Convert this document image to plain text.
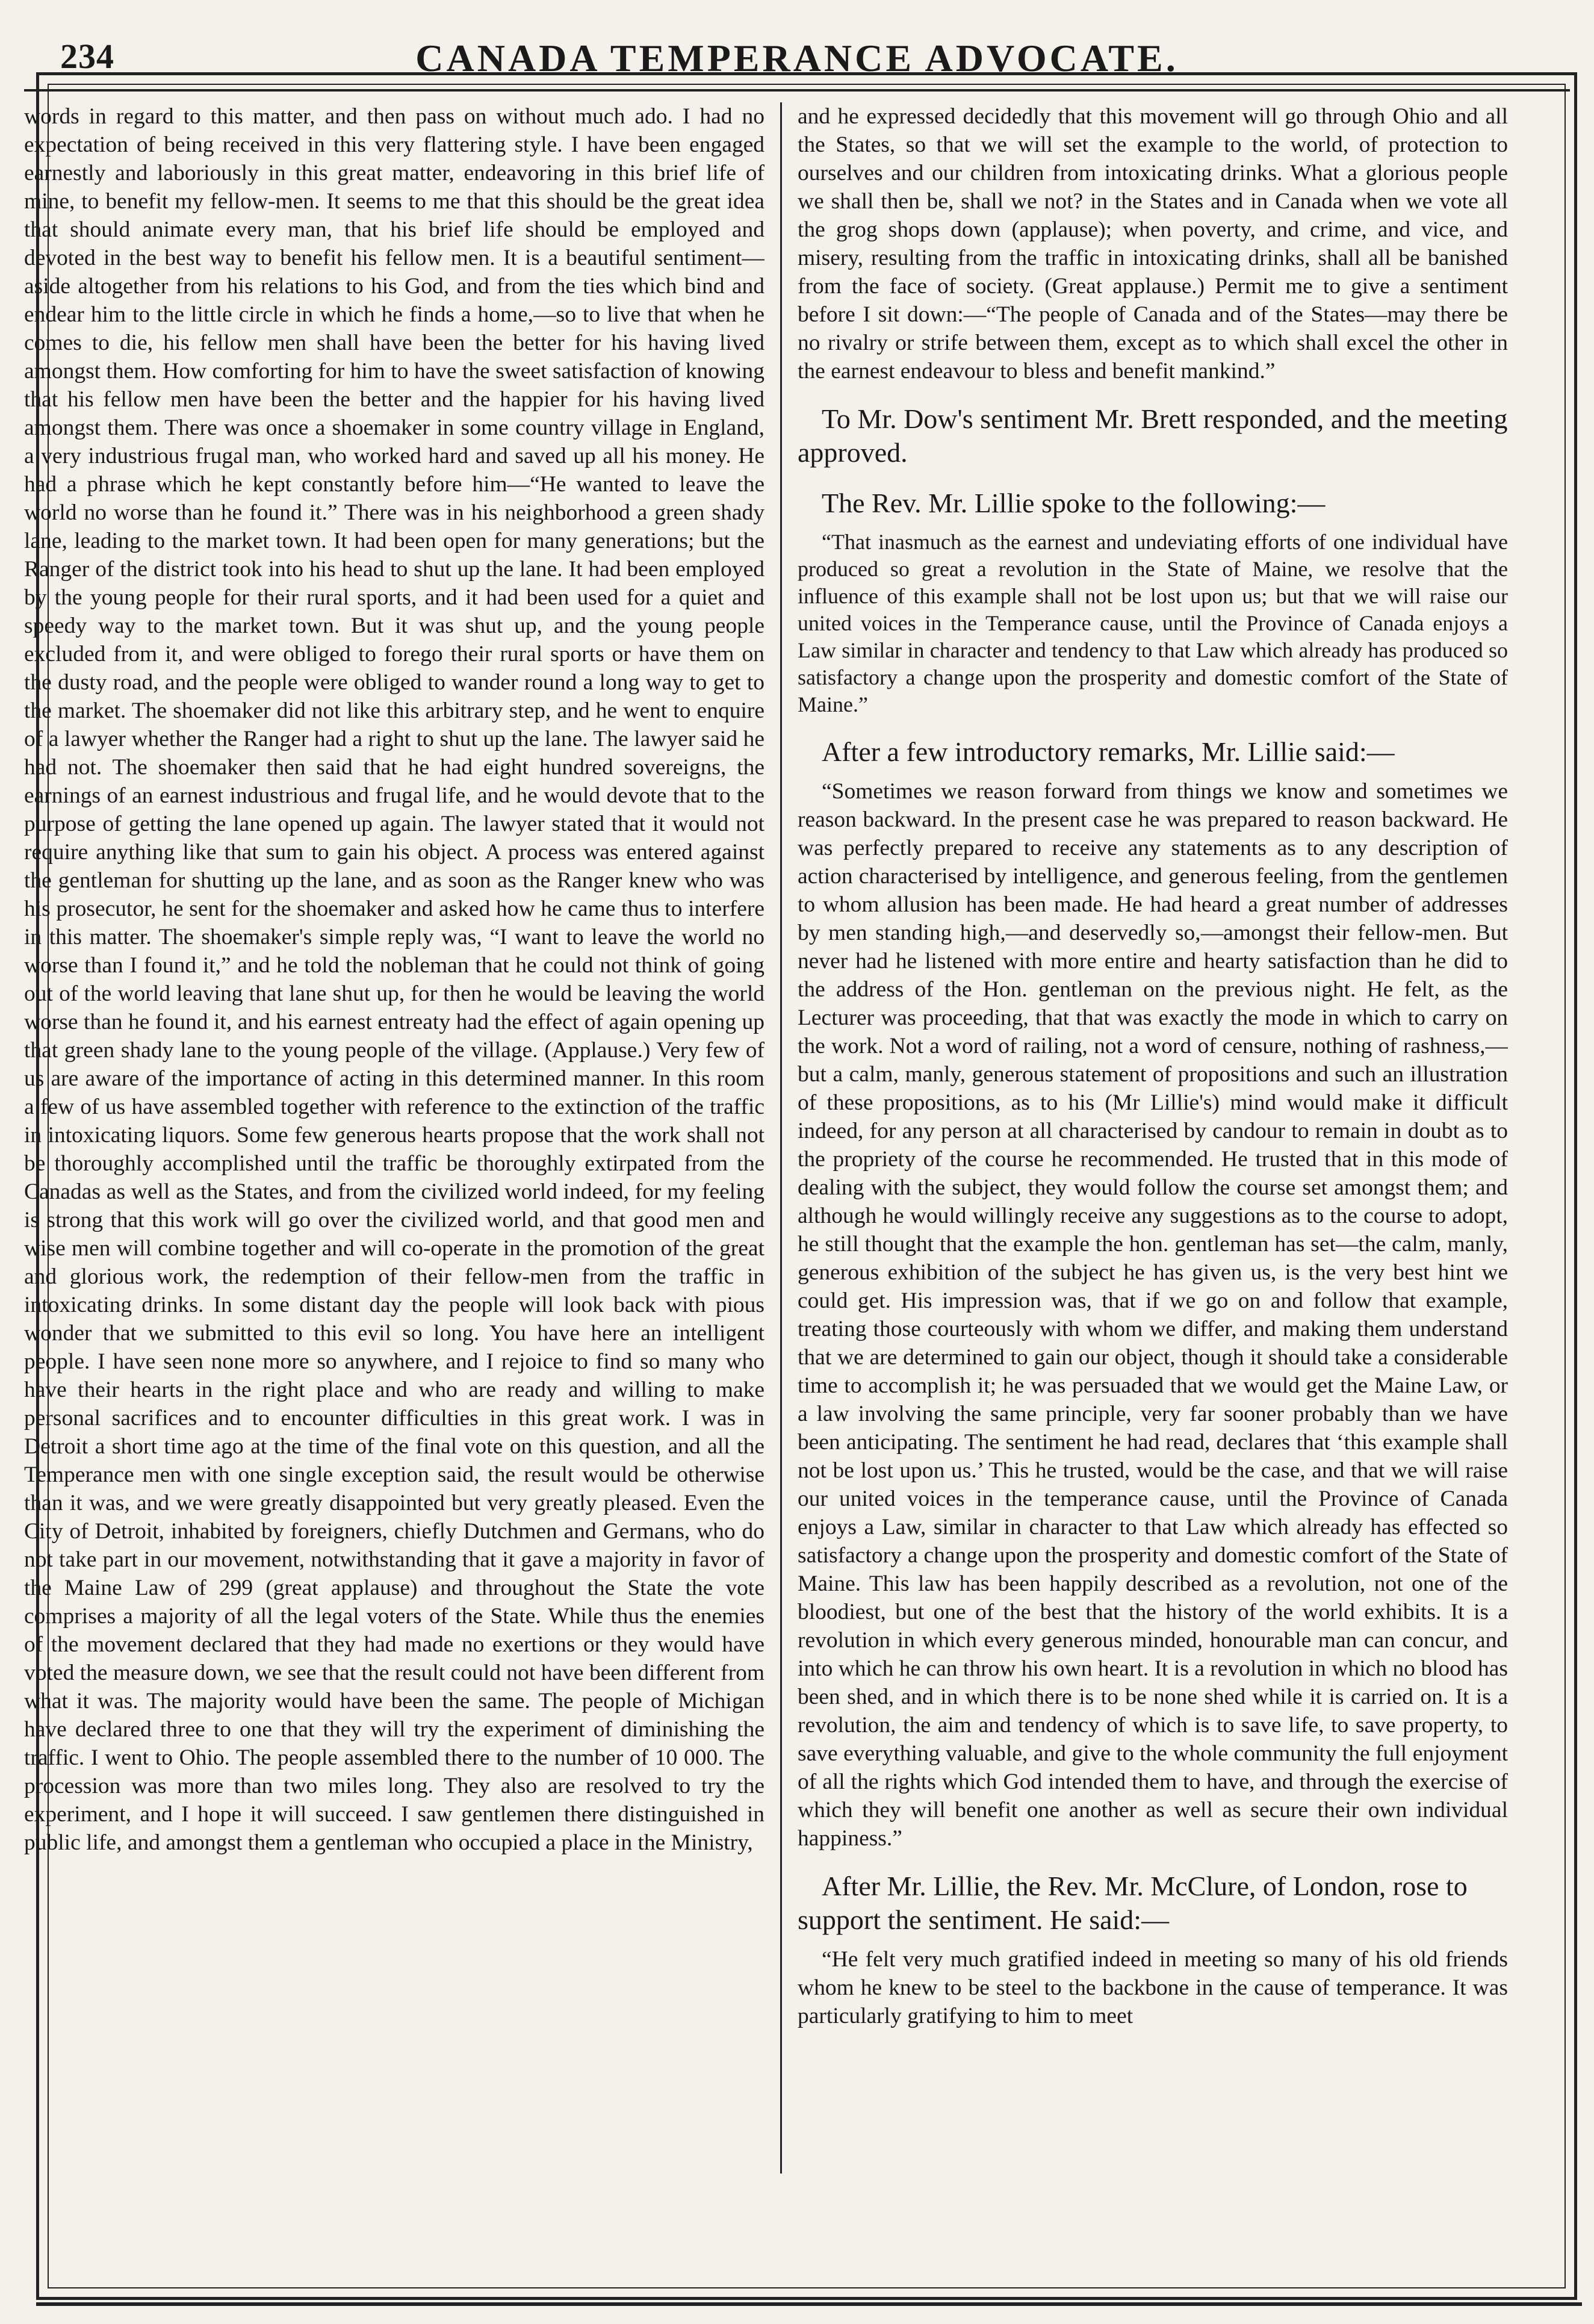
234	CANADA TEMPERANCE ADVOCATE.

words in regard to this matter, and then pass on without much ado. I had no expectation of being received in this very flattering style. I have been engaged earnestly and laboriously in this great matter, endeavoring in this brief life of mine, to benefit my fellow-men. It seems to me that this should be the great idea that should animate every man, that his brief life should be employed and devoted in the best way to benefit his fellow men. It is a beautiful sentiment—aside altogether from his relations to his God, and from the ties which bind and endear him to the little circle in which he finds a home,—so to live that when he comes to die, his fellow men shall have been the better for his having lived amongst them. How comforting for him to have the sweet satisfaction of knowing that his fellow men have been the better and the happier for his having lived amongst them. There was once a shoemaker in some country village in England, a very industrious frugal man, who worked hard and saved up all his money. He had a phrase which he kept constantly before him—“He wanted to leave the world no worse than he found it.” There was in his neighborhood a green shady lane, leading to the market town. It had been open for many generations; but the Ranger of the district took into his head to shut up the lane. It had been employed by the young people for their rural sports, and it had been used for a quiet and speedy way to the market town. But it was shut up, and the young people excluded from it, and were obliged to forego their rural sports or have them on the dusty road, and the people were obliged to wander round a long way to get to the market. The shoemaker did not like this arbitrary step, and he went to enquire of a lawyer whether the Ranger had a right to shut up the lane. The lawyer said he had not. The shoemaker then said that he had eight hundred sovereigns, the earnings of an earnest industrious and frugal life, and he would devote that to the purpose of getting the lane opened up again. The lawyer stated that it would not require anything like that sum to gain his object. A process was entered against the gentleman for shutting up the lane, and as soon as the Ranger knew who was his prosecutor, he sent for the shoemaker and asked how he came thus to interfere in this matter. The shoemaker's simple reply was, “I want to leave the world no worse than I found it,” and he told the nobleman that he could not think of going out of the world leaving that lane shut up, for then he would be leaving the world worse than he found it, and his earnest entreaty had the effect of again opening up that green shady lane to the young people of the village. (Applause.) Very few of us are aware of the importance of acting in this determined manner. In this room a few of us have assembled together with reference to the extinction of the traffic in intoxicating liquors. Some few generous hearts propose that the work shall not be thoroughly accomplished until the traffic be thoroughly extirpated from the Canadas as well as the States, and from the civilized world indeed, for my feeling is strong that this work will go over the civilized world, and that good men and wise men will combine together and will co-operate in the promotion of the great and glorious work, the redemption of their fellow-men from the traffic in intoxicating drinks. In some distant day the people will look back with pious wonder that we submitted to this evil so long. You have here an intelligent people. I have seen none more so anywhere, and I rejoice to find so many who have their hearts in the right place and who are ready and willing to make personal sacrifices and to encounter difficulties in this great work. I was in Detroit a short time ago at the time of the final vote on this question, and all the Temperance men with one single exception said, the result would be otherwise than it was, and we were greatly disappointed but very greatly pleased. Even the City of Detroit, inhabited by foreigners, chiefly Dutchmen and Germans, who do not take part in our movement, notwithstanding that it gave a majority in favor of the Maine Law of 299 (great applause) and throughout the State the vote comprises a majority of all the legal voters of the State. While thus the enemies of the movement declared that they had made no exertions or they would have voted the measure down, we see that the result could not have been different from what it was. The majority would have been the same. The people of Michigan have declared three to one that they will try the experiment of diminishing the traffic. I went to Ohio. The people assembled there to the number of 10 000. The procession was more than two miles long. They also are resolved to try the experiment, and I hope it will succeed. I saw gentlemen there distinguished in public life, and amongst them a gentleman who occupied a place in the Ministry,

and he expressed decidedly that this movement will go through Ohio and all the States, so that we will set the example to the world, of protection to ourselves and our children from intoxicating drinks. What a glorious people we shall then be, shall we not? in the States and in Canada when we vote all the grog shops down (applause); when poverty, and crime, and vice, and misery, resulting from the traffic in intoxicating drinks, shall all be banished from the face of society. (Great applause.) Permit me to give a sentiment before I sit down:—“The people of Canada and of the States—may there be no rivalry or strife between them, except as to which shall excel the other in the earnest endeavour to bless and benefit mankind.”

To Mr. Dow's sentiment Mr. Brett responded, and the meeting approved.

The Rev. Mr. Lillie spoke to the following:—

“That inasmuch as the earnest and undeviating efforts of one individual have produced so great a revolution in the State of Maine, we resolve that the influence of this example shall not be lost upon us; but that we will raise our united voices in the Temperance cause, until the Province of Canada enjoys a Law similar in character and tendency to that Law which already has produced so satisfactory a change upon the prosperity and domestic comfort of the State of Maine.”

After a few introductory remarks, Mr. Lillie said:—

“Sometimes we reason forward from things we know and sometimes we reason backward. In the present case he was prepared to reason backward. He was perfectly prepared to receive any statements as to any description of action characterised by intelligence, and generous feeling, from the gentlemen to whom allusion has been made. He had heard a great number of addresses by men standing high,—and deservedly so,—amongst their fellow-men. But never had he listened with more entire and hearty satisfaction than he did to the address of the Hon. gentleman on the previous night. He felt, as the Lecturer was proceeding, that that was exactly the mode in which to carry on the work. Not a word of railing, not a word of censure, nothing of rashness,—but a calm, manly, generous statement of propositions and such an illustration of these propositions, as to his (Mr Lillie's) mind would make it difficult indeed, for any person at all characterised by candour to remain in doubt as to the propriety of the course he recommended. He trusted that in this mode of dealing with the subject, they would follow the course set amongst them; and although he would willingly receive any suggestions as to the course to adopt, he still thought that the example the hon. gentleman has set—the calm, manly, generous exhibition of the subject he has given us, is the very best hint we could get. His impression was, that if we go on and follow that example, treating those courteously with whom we differ, and making them understand that we are determined to gain our object, though it should take a considerable time to accomplish it; he was persuaded that we would get the Maine Law, or a law involving the same principle, very far sooner probably than we have been anticipating. The sentiment he had read, declares that ‘this example shall not be lost upon us.’ This he trusted, would be the case, and that we will raise our united voices in the temperance cause, until the Province of Canada enjoys a Law, similar in character to that Law which already has effected so satisfactory a change upon the prosperity and domestic comfort of the State of Maine. This law has been happily described as a revolution, not one of the bloodiest, but one of the best that the history of the world exhibits. It is a revolution in which every generous minded, honourable man can concur, and into which he can throw his own heart. It is a revolution in which no blood has been shed, and in which there is to be none shed while it is carried on. It is a revolution, the aim and tendency of which is to save life, to save property, to save everything valuable, and give to the whole community the full enjoyment of all the rights which God intended them to have, and through the exercise of which they will benefit one another as well as secure their own individual happiness.”

After Mr. Lillie, the Rev. Mr. McClure, of London, rose to support the sentiment. He said:—

“He felt very much gratified indeed in meeting so many of his old friends whom he knew to be steel to the backbone in the cause of temperance. It was particularly gratifying to him to meet
